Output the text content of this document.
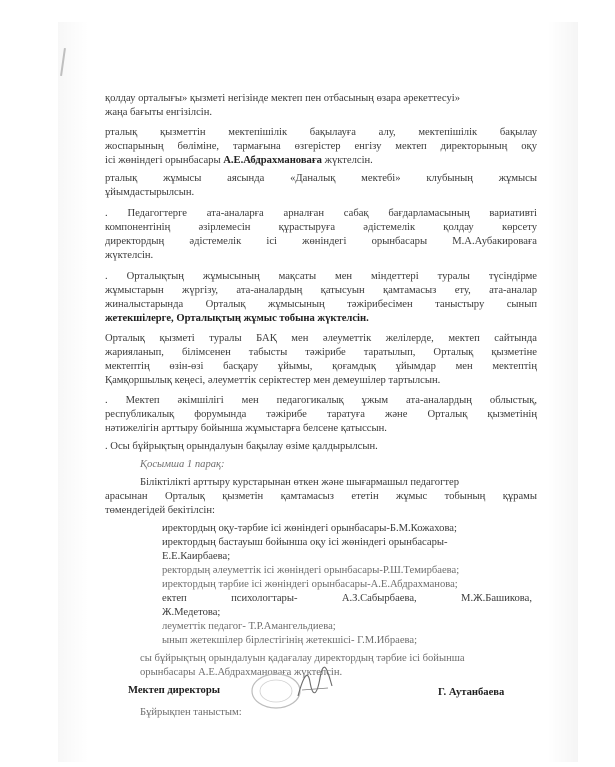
қолдау орталығы» қызметі негізінде мектеп пен отбасының өзара әрекеттесуі»
жаңа бағыты енгізілсін.
рталық қызметтін мектепішілік бақылауға алу, мектепішілік бақылау
жоспарының бөліміне, тармағына өзгерістер енгізу мектеп директорының оқу
ісі жөніндегі орынбасары А.Е.Абдрахмановаға жүктелсін.
рталық жұмысы аясында «Даналық мектебі» клубының жұмысы
ұйымдастырылсын.
. Педагогтерге ата-аналарға арналған сабақ бағдарламасының вариативті
компонентінің әзірлемесін құрастыруға әдістемелік қолдау көрсету
директордың әдістемелік ісі жөніндегі орынбасары М.А.Аубакироваға
жүктелсін.
. Орталықтың жұмысының мақсаты мен міндеттері туралы түсіндірме
жұмыстарын жүргізу, ата-аналардың қатысуын қамтамасыз ету, ата-аналар
жиналыстарында Орталық жұмысының тәжірибесімен таныстыру сынып
жетекшілерге, Орталықтың жұмыс тобына жүктелсін.
Орталық қызметі туралы БАҚ мен әлеуметтік желілерде, мектеп сайтында
жарияланып, білімсенен табысты тәжірибе таратылып, Орталық қызметіне
мектептің өзін-өзі басқару ұйымы, қоғамдық ұйымдар мен мектептің
Қамқоршылық кеңесі, әлеуметтік серіктестер мен демеушілер тартылсын.
. Мектеп әкімшілігі мен педагогикалық ұжым ата-аналардың облыстық,
республикалық форумында тәжірибе таратуға және Орталық қызметінің
нәтижелігін арттыру бойынша жұмыстарға белсене қатыссын.
. Осы бұйрықтың орындалуын бақылау өзіме қалдырылсын.
Қосымша 1 парақ:
Біліктілікті арттыру курстарынан өткен және шығармашыл педагогтер
арасынан Орталық қызметін қамтамасыз ететін жұмыс тобының құрамы
төмендегідей бекітілсін:
иректордың оқу-тәрбие ісі жөніндегі орынбасары-Б.М.Кожахова;
иректордың бастауыш бойынша оқу ісі жөніндегі орынбасары-
Е.Е.Каирбаева;
ректордың әлеуметтік ісі жөніндегі орынбасары-Р.Ш.Темирбаева;
иректордың тәрбие ісі жөніндегі орынбасары-А.Е.Абдрахманова;
ектеп психологтары- А.З.Сабырбаева, М.Ж.Башикова,
Ж.Медетова;
леуметтік педагог- Т.Р.Амангельдиева;
ынып жетекшілер бірлестігінің жетекшісі- Г.М.Ибраева;
сы бұйрықтың орындалуын қадағалау директордың тәрбие ісі бойынша
орынбасары А.Е.Абдрахмановаға жүктелсін.
Мектеп директоры	Г. Аутанбаева
Бұйрықпен таныстым:
